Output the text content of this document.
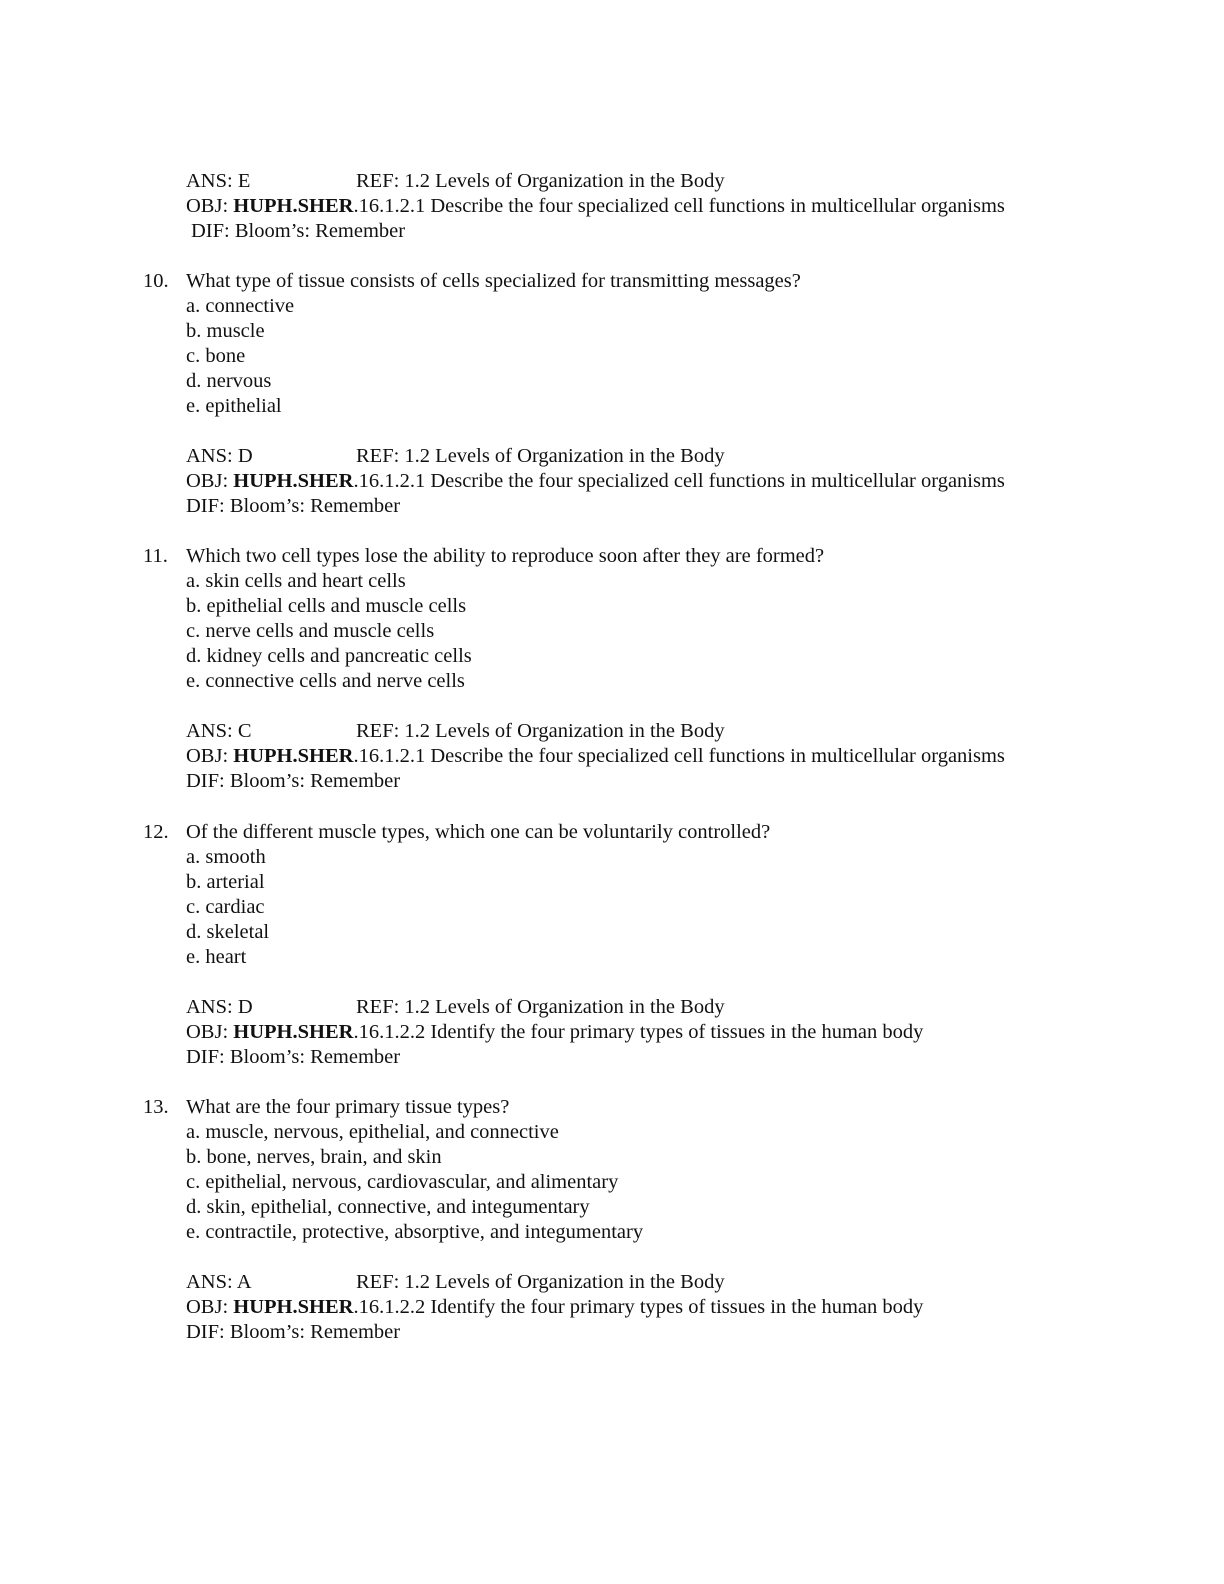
ANS: E	REF: 1.2 Levels of Organization in the Body
OBJ: HUPH.SHER.16.1.2.1 Describe the four specialized cell functions in multicellular organisms
DIF: Bloom’s: Remember
10. What type of tissue consists of cells specialized for transmitting messages?
a. connective
b. muscle
c. bone
d. nervous
e. epithelial
ANS: D	REF: 1.2 Levels of Organization in the Body
OBJ: HUPH.SHER.16.1.2.1 Describe the four specialized cell functions in multicellular organisms
DIF: Bloom’s: Remember
11. Which two cell types lose the ability to reproduce soon after they are formed?
a. skin cells and heart cells
b. epithelial cells and muscle cells
c. nerve cells and muscle cells
d. kidney cells and pancreatic cells
e. connective cells and nerve cells
ANS: C	REF: 1.2 Levels of Organization in the Body
OBJ: HUPH.SHER.16.1.2.1 Describe the four specialized cell functions in multicellular organisms
DIF: Bloom’s: Remember
12. Of the different muscle types, which one can be voluntarily controlled?
a. smooth
b. arterial
c. cardiac
d. skeletal
e. heart
ANS: D	REF: 1.2 Levels of Organization in the Body
OBJ: HUPH.SHER.16.1.2.2 Identify the four primary types of tissues in the human body
DIF: Bloom’s: Remember
13. What are the four primary tissue types?
a. muscle, nervous, epithelial, and connective
b. bone, nerves, brain, and skin
c. epithelial, nervous, cardiovascular, and alimentary
d. skin, epithelial, connective, and integumentary
e. contractile, protective, absorptive, and integumentary
ANS: A	REF: 1.2 Levels of Organization in the Body
OBJ: HUPH.SHER.16.1.2.2 Identify the four primary types of tissues in the human body
DIF: Bloom’s: Remember
